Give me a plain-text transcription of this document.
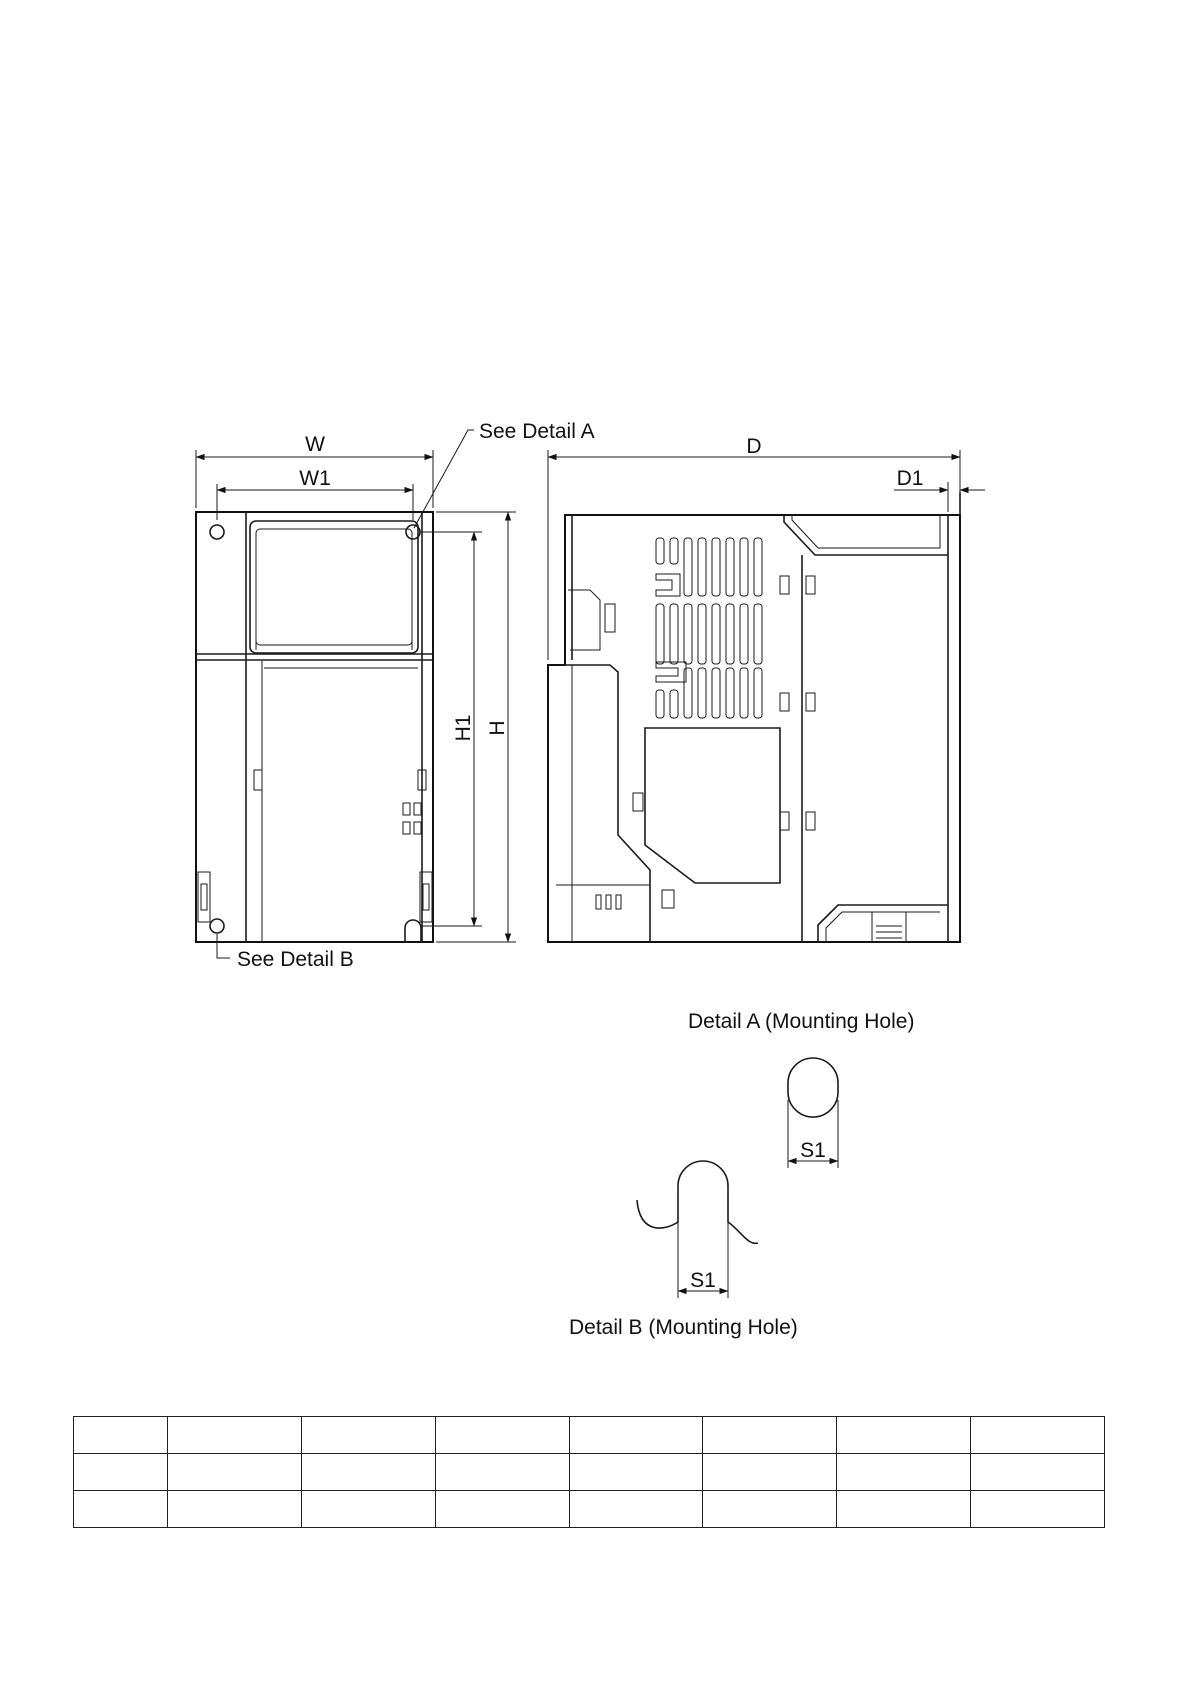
W
W1
H1 H
See Detail A
See Detail B
D
D1
Detail A (Mounting Hole)
S1
S1
Detail B (Mounting Hole)
